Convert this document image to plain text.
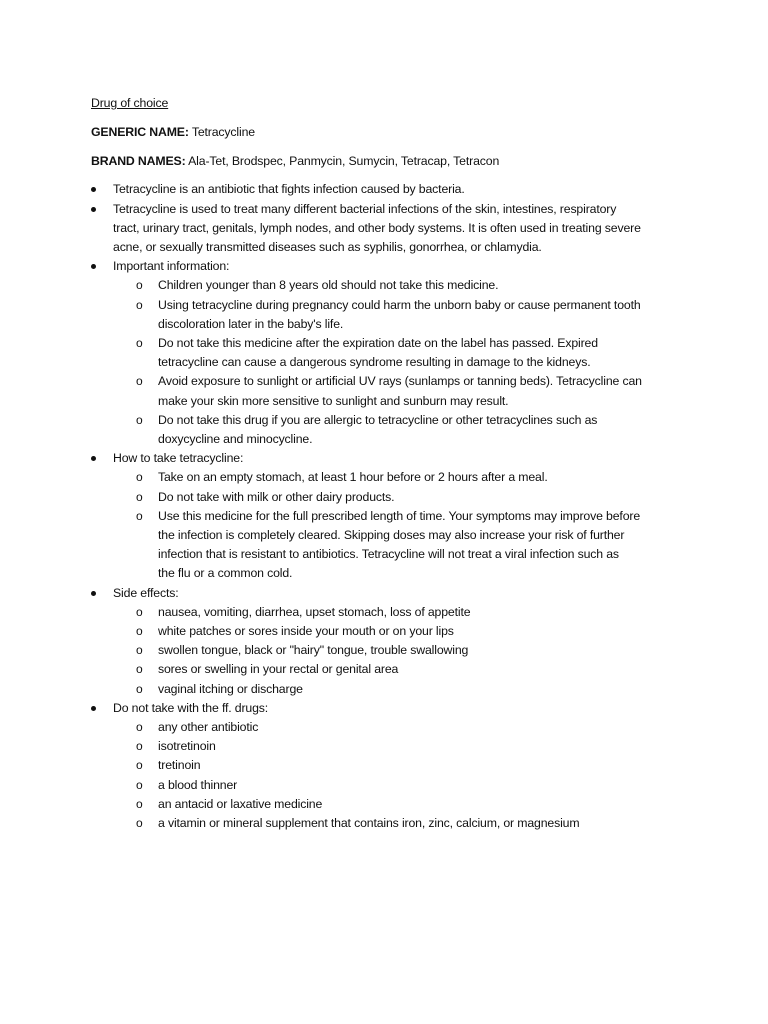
Drug of choice

GENERIC NAME: Tetracycline

BRAND NAMES: Ala-Tet, Brodspec, Panmycin, Sumycin, Tetracap, Tetracon

Tetracycline is an antibiotic that fights infection caused by bacteria.
Tetracycline is used to treat many different bacterial infections of the skin, intestines, respiratory
tract, urinary tract, genitals, lymph nodes, and other body systems. It is often used in treating severe
acne, or sexually transmitted diseases such as syphilis, gonorrhea, or chlamydia.
Important information:
o Children younger than 8 years old should not take this medicine.
o Using tetracycline during pregnancy could harm the unborn baby or cause permanent tooth
discoloration later in the baby's life.
o Do not take this medicine after the expiration date on the label has passed. Expired
tetracycline can cause a dangerous syndrome resulting in damage to the kidneys.
o Avoid exposure to sunlight or artificial UV rays (sunlamps or tanning beds). Tetracycline can
make your skin more sensitive to sunlight and sunburn may result.
o Do not take this drug if you are allergic to tetracycline or other tetracyclines such as
doxycycline and minocycline.
How to take tetracycline:
o Take on an empty stomach, at least 1 hour before or 2 hours after a meal.
o Do not take with milk or other dairy products.
o Use this medicine for the full prescribed length of time. Your symptoms may improve before
the infection is completely cleared. Skipping doses may also increase your risk of further
infection that is resistant to antibiotics. Tetracycline will not treat a viral infection such as
the flu or a common cold.
Side effects:
o nausea, vomiting, diarrhea, upset stomach, loss of appetite
o white patches or sores inside your mouth or on your lips
o swollen tongue, black or "hairy" tongue, trouble swallowing
o sores or swelling in your rectal or genital area
o vaginal itching or discharge
Do not take with the ff. drugs:
o any other antibiotic
o isotretinoin
o tretinoin
o a blood thinner
o an antacid or laxative medicine
o a vitamin or mineral supplement that contains iron, zinc, calcium, or magnesium
